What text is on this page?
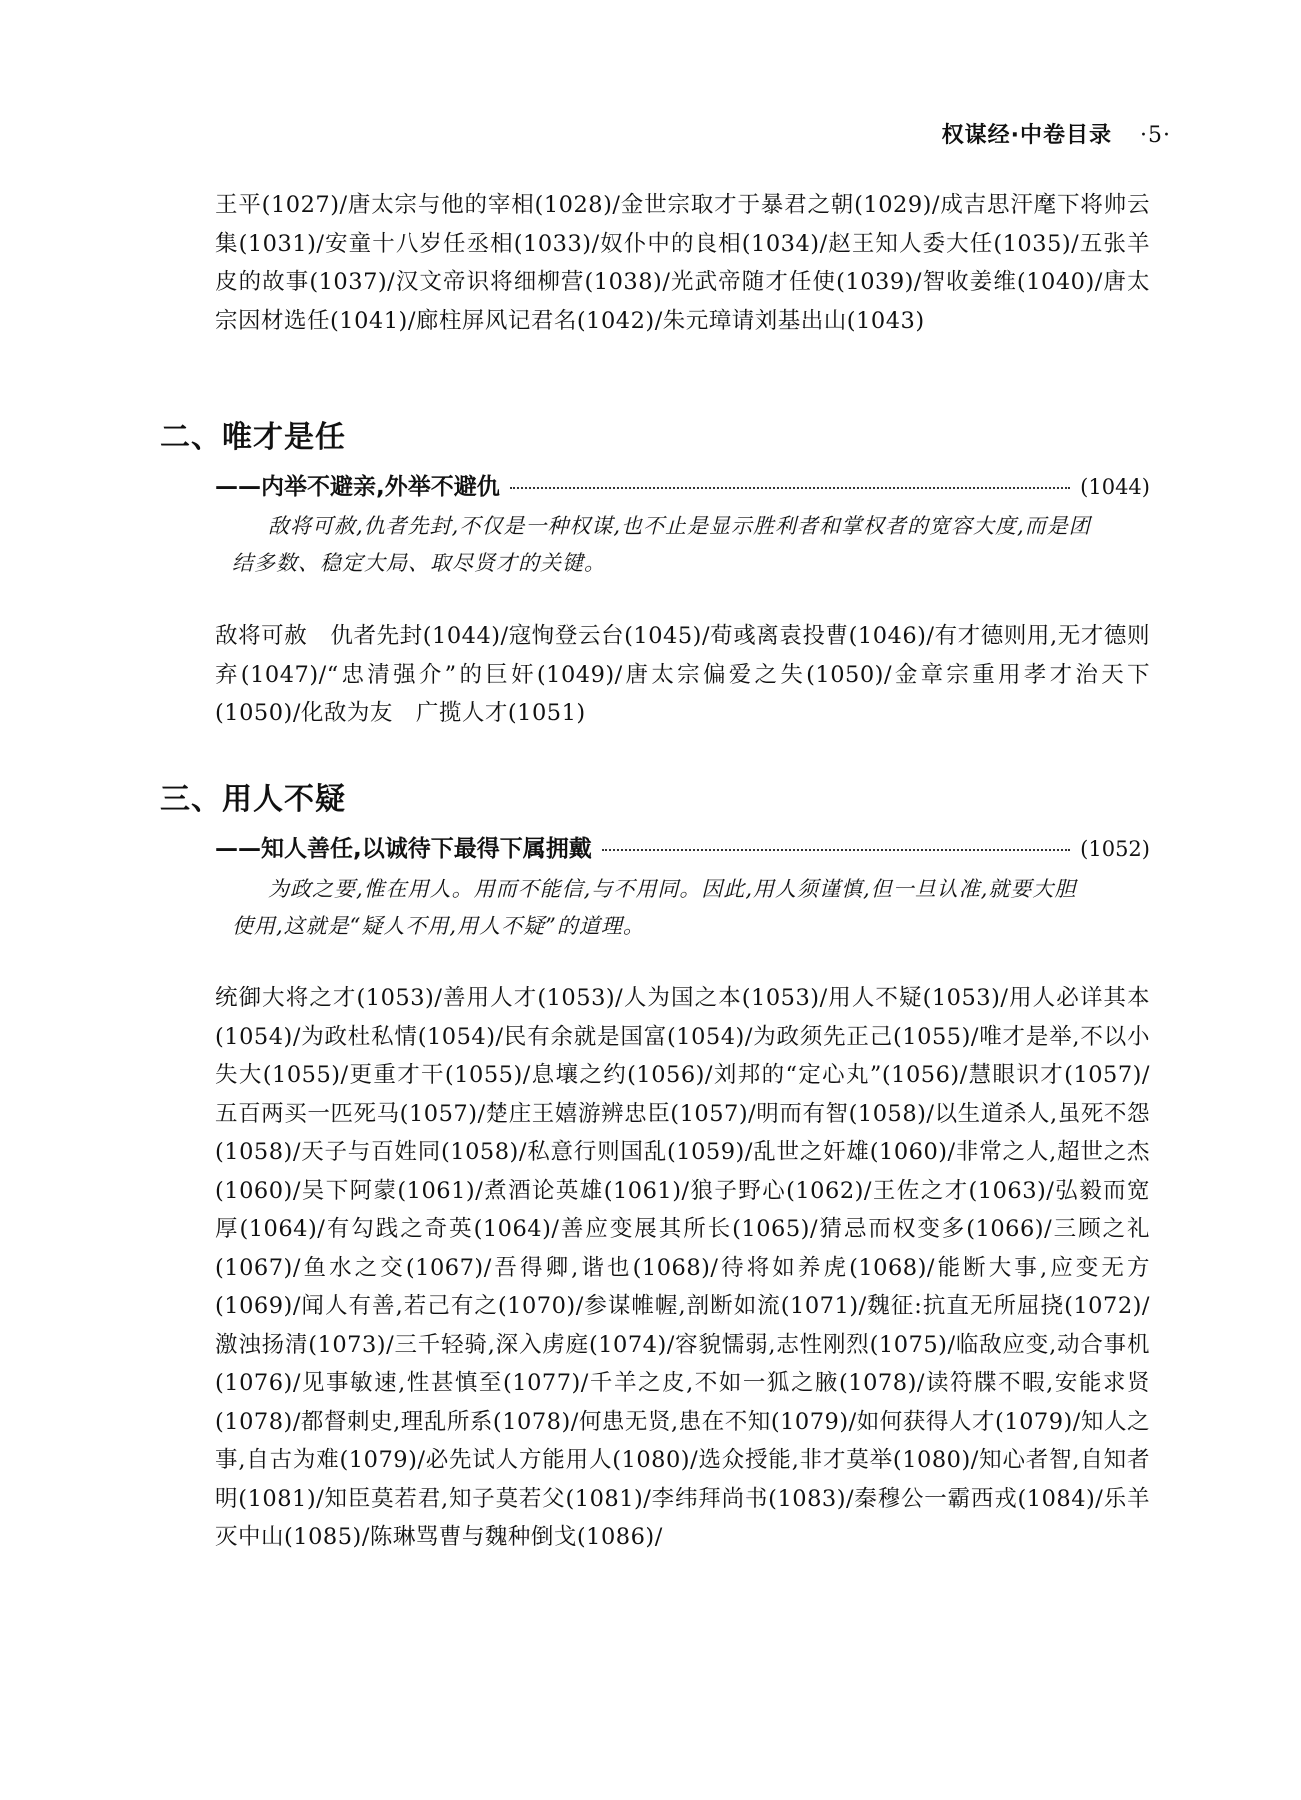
权谋经·中卷目录 ·5·
王平(1027)/唐太宗与他的宰相(1028)/金世宗取才于暴君之朝(1029)/成吉思汗麾下将帅云集(1031)/安童十八岁任丞相(1033)/奴仆中的良相(1034)/赵王知人委大任(1035)/五张羊皮的故事(1037)/汉文帝识将细柳营(1038)/光武帝随才任使(1039)/智收姜维(1040)/唐太宗因材选任(1041)/廊柱屏风记君名(1042)/朱元璋请刘基出山(1043)
二、唯才是任
——内举不避亲,外举不避仇	(1044)
敌将可赦,仇者先封,不仅是一种权谋,也不止是显示胜利者和掌权者的宽容大度,而是团结多数、稳定大局、取尽贤才的关键。
敌将可赦　仇者先封(1044)/寇恂登云台(1045)/荀彧离袁投曹(1046)/有才德则用,无才德则弃(1047)/“忠清强介”的巨奸(1049)/唐太宗偏爱之失(1050)/金章宗重用孝才治天下(1050)/化敌为友　广揽人才(1051)
三、用人不疑
——知人善任,以诚待下最得下属拥戴	(1052)
为政之要,惟在用人。用而不能信,与不用同。因此,用人须谨慎,但一旦认准,就要大胆使用,这就是“疑人不用,用人不疑”的道理。
统御大将之才(1053)/善用人才(1053)/人为国之本(1053)/用人不疑(1053)/用人必详其本(1054)/为政杜私情(1054)/民有余就是国富(1054)/为政须先正己(1055)/唯才是举,不以小失大(1055)/更重才干(1055)/息壤之约(1056)/刘邦的“定心丸”(1056)/慧眼识才(1057)/五百两买一匹死马(1057)/楚庄王嬉游辨忠臣(1057)/明而有智(1058)/以生道杀人,虽死不怨(1058)/天子与百姓同(1058)/私意行则国乱(1059)/乱世之奸雄(1060)/非常之人,超世之杰(1060)/吴下阿蒙(1061)/煮酒论英雄(1061)/狼子野心(1062)/王佐之才(1063)/弘毅而宽厚(1064)/有勾践之奇英(1064)/善应变展其所长(1065)/猜忌而权变多(1066)/三顾之礼(1067)/鱼水之交(1067)/吾得卿,谐也(1068)/待将如养虎(1068)/能断大事,应变无方(1069)/闻人有善,若己有之(1070)/参谋帷幄,剖断如流(1071)/魏征:抗直无所屈挠(1072)/激浊扬清(1073)/三千轻骑,深入虏庭(1074)/容貌懦弱,志性刚烈(1075)/临敌应变,动合事机(1076)/见事敏速,性甚慎至(1077)/千羊之皮,不如一狐之腋(1078)/读符牒不暇,安能求贤(1078)/都督刺史,理乱所系(1078)/何患无贤,患在不知(1079)/如何获得人才(1079)/知人之事,自古为难(1079)/必先试人方能用人(1080)/选众授能,非才莫举(1080)/知心者智,自知者明(1081)/知臣莫若君,知子莫若父(1081)/李纬拜尚书(1083)/秦穆公一霸西戎(1084)/乐羊灭中山(1085)/陈琳骂曹与魏种倒戈(1086)/
